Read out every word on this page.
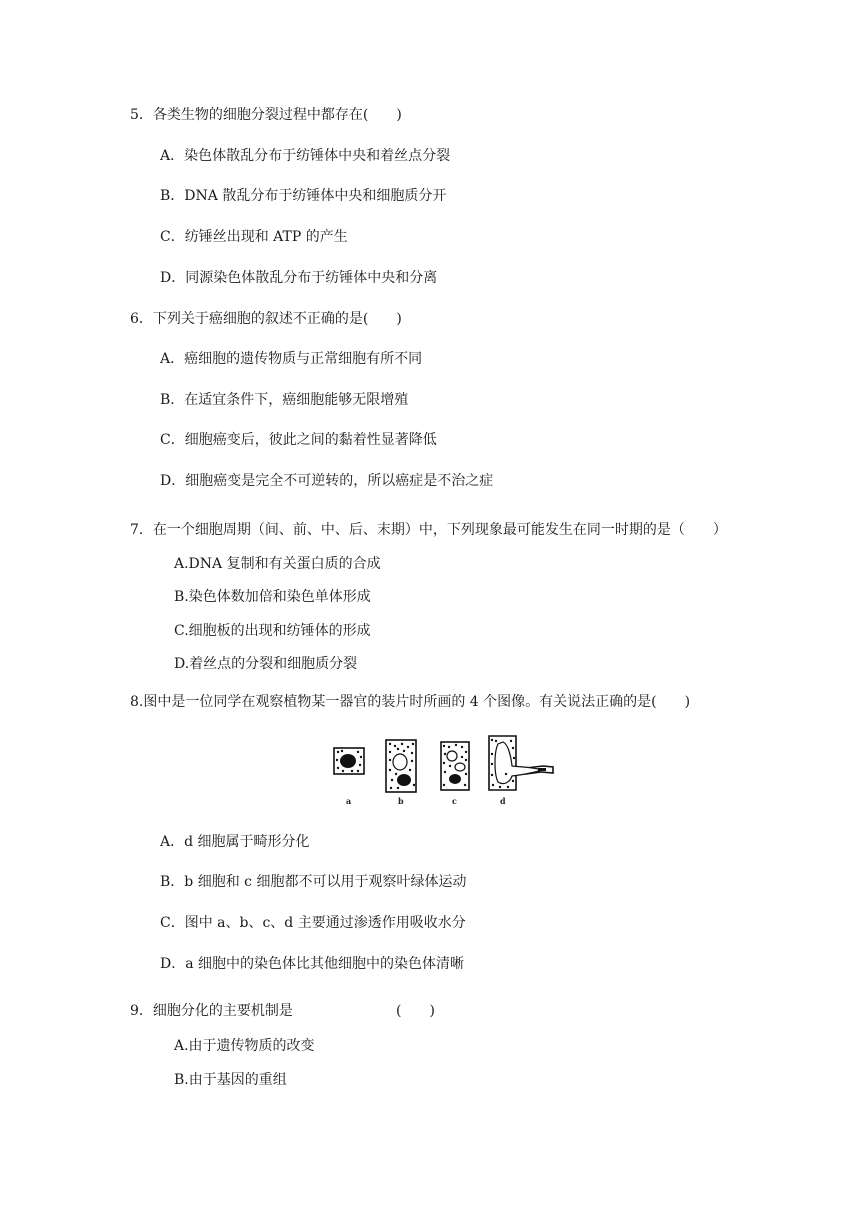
5．各类生物的细胞分裂过程中都存在(　　)
A．染色体散乱分布于纺锤体中央和着丝点分裂
B．DNA 散乱分布于纺锤体中央和细胞质分开
C．纺锤丝出现和 ATP 的产生
D．同源染色体散乱分布于纺锤体中央和分离
6．下列关于癌细胞的叙述不正确的是(　　)
A．癌细胞的遗传物质与正常细胞有所不同
B．在适宜条件下，癌细胞能够无限增殖
C．细胞癌变后，彼此之间的黏着性显著降低
D．细胞癌变是完全不可逆转的，所以癌症是不治之症
7．在一个细胞周期（间、前、中、后、末期）中，下列现象最可能发生在同一时期的是（　　）
A.DNA 复制和有关蛋白质的合成
B.染色体数加倍和染色单体形成
C.细胞板的出现和纺锤体的形成
D.着丝点的分裂和细胞质分裂
8.图中是一位同学在观察植物某一器官的装片时所画的 4 个图像。有关说法正确的是(　　)
a	b	c	d
A．d 细胞属于畸形分化
B．b 细胞和 c 细胞都不可以用于观察叶绿体运动
C．图中 a、b、c、d 主要通过渗透作用吸收水分
D．a 细胞中的染色体比其他细胞中的染色体清晰
9．细胞分化的主要机制是	(　　)
A.由于遗传物质的改变
B.由于基因的重组
